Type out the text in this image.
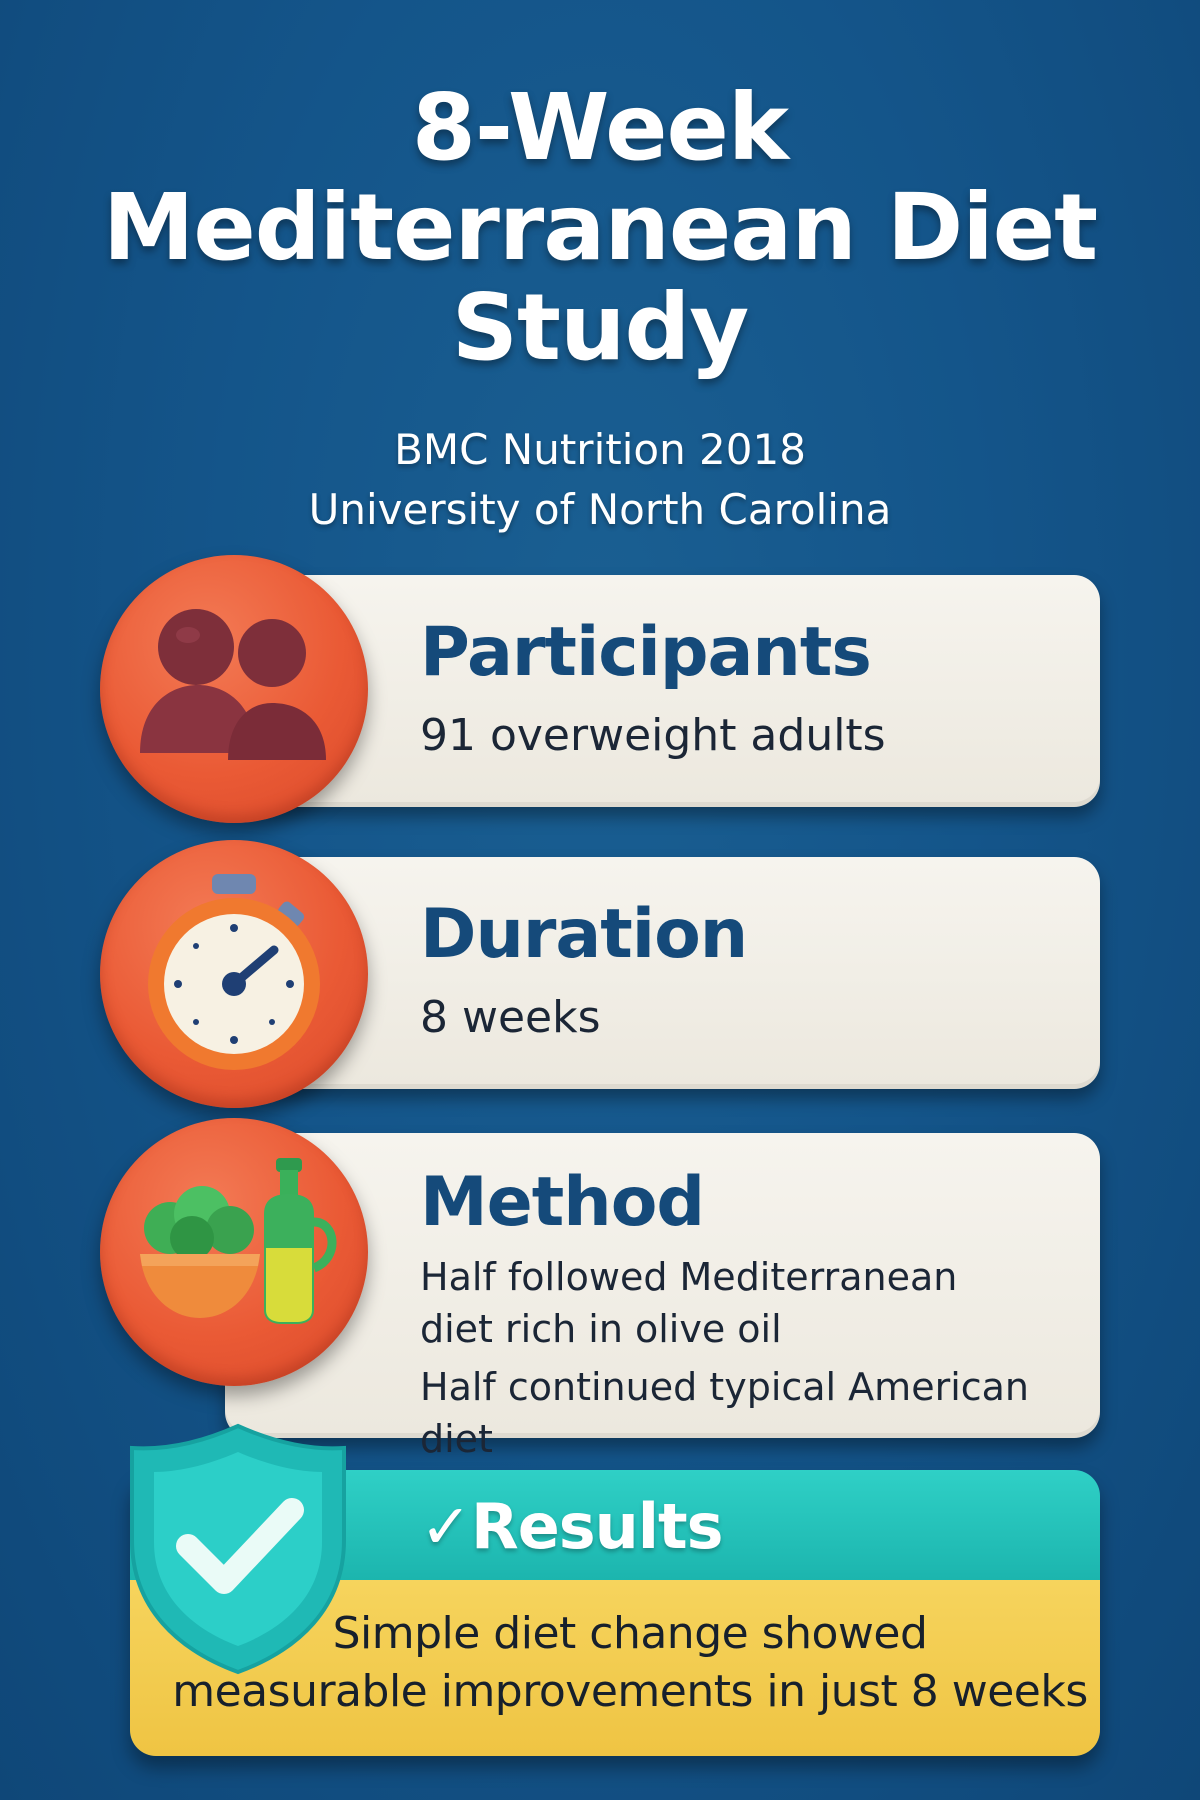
8-Week
Mediterranean Diet
Study
BMC Nutrition 2018
University of North Carolina
Participants
91 overweight adults
Duration
8 weeks
Method
Half followed Mediterranean
diet rich in olive oil
Half continued typical American diet
✓Results
Simple diet change showed
measurable improvements in just 8 weeks
